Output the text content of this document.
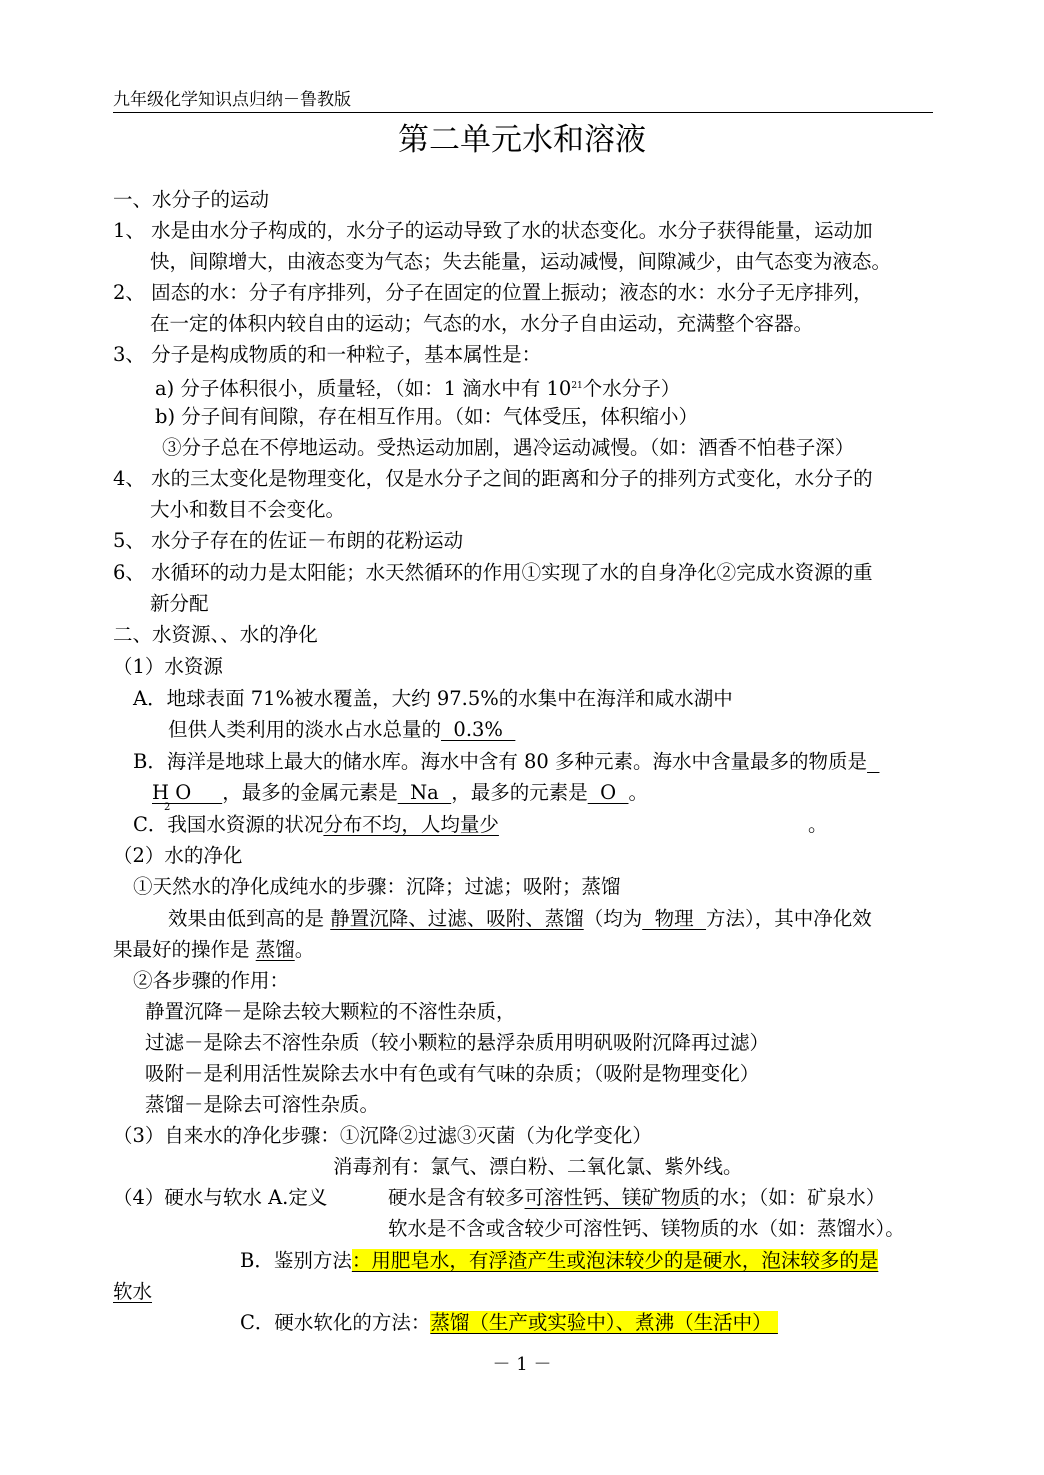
九年级化学知识点归纳－鲁教版
第二单元水和溶液
一、水分子的运动
1、 水是由水分子构成的，水分子的运动导致了水的状态变化。水分子获得能量，运动加
快，间隙增大，由液态变为气态；失去能量，运动减慢，间隙减少，由气态变为液态。
2、 固态的水：分子有序排列，分子在固定的位置上振动；液态的水：水分子无序排列，
在一定的体积内较自由的运动；气态的水，水分子自由运动，充满整个容器。
3、 分子是构成物质的和一种粒子，基本属性是：
a) 分子体积很小，质量轻，（如：1 滴水中有 $10^{21}$个水分子）
b) 分子间有间隙，存在相互作用。（如：气体受压，体积缩小）
③分子总在不停地运动。受热运动加剧，遇冷运动减慢。（如：酒香不怕巷子深）
4、 水的三太变化是物理变化，仅是水分子之间的距离和分子的排列方式变化，水分子的
大小和数目不会变化。
5、 水分子存在的佐证－布朗的花粉运动
6、 水循环的动力是太阳能；水天然循环的作用①实现了水的自身净化②完成水资源的重
新分配
二、水资源、、水的净化
（1）水资源
A．地球表面 71%被水覆盖，大约 97.5%的水集中在海洋和咸水湖中
但供人类利用的淡水占水总量的  0.3%
B．海洋是地球上最大的储水库。海水中含有 80 多种元素。海水中含量最多的物质是
H O     ，最多的金属元素是  Na  ，最多的元素是  O  。
2
C．我国水资源的状况分布不均，人均量少	。
（2）水的净化
①天然水的净化成纯水的步骤：沉降；过滤；吸附；蒸馏
效果由低到高的是 静置沉降、过滤、吸附、蒸馏（均为  物理  方法），其中净化效
果最好的操作是 蒸馏。
②各步骤的作用：
静置沉降－是除去较大颗粒的不溶性杂质，
过滤－是除去不溶性杂质（较小颗粒的悬浮杂质用明矾吸附沉降再过滤）
吸附－是利用活性炭除去水中有色或有气味的杂质；（吸附是物理变化）
蒸馏－是除去可溶性杂质。
（3）自来水的净化步骤：①沉降②过滤③灭菌（为化学变化）
消毒剂有：氯气、漂白粉、二氧化氯、紫外线。
（4）硬水与软水 A.定义	硬水是含有较多可溶性钙、镁矿物质的水；（如：矿泉水）
软水是不含或含较少可溶性钙、镁物质的水（如：蒸馏水）。
B．鉴别方法：用肥皂水，有浮渣产生或泡沫较少的是硬水，泡沫较多的是
软水
C．硬水软化的方法：蒸馏（生产或实验中）、煮沸（生活中）
－ 1 －
